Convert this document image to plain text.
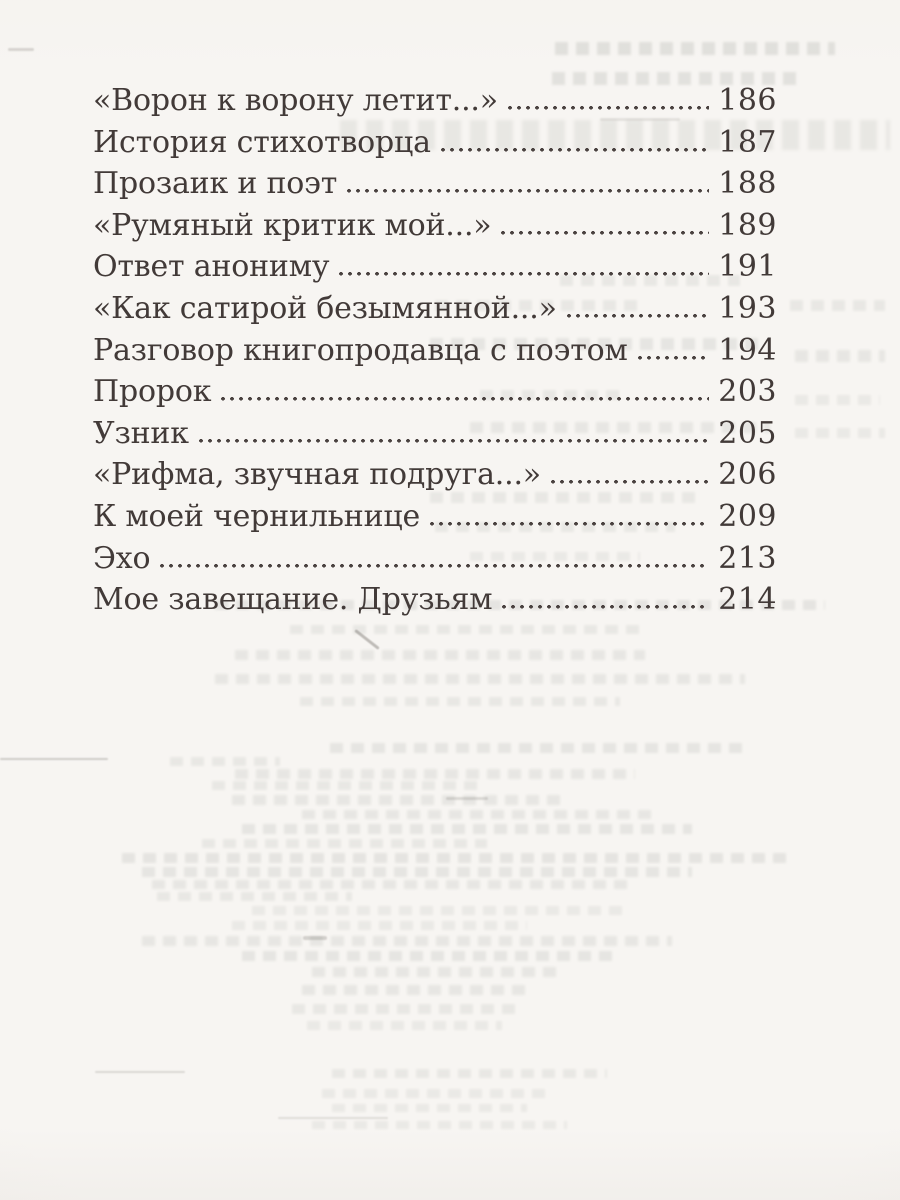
«Ворон к ворону летит...»	186
История стихотворца	187
Прозаик и поэт	188
«Румяный критик мой...»	189
Ответ анониму	191
«Как сатирой безымянной...»	193
Разговор книгопродавца с поэтом	194
Пророк	203
Узник	205
«Рифма, звучная подруга...»	206
К моей чернильнице	209
Эхо	213
Мое завещание. Друзьям	214
